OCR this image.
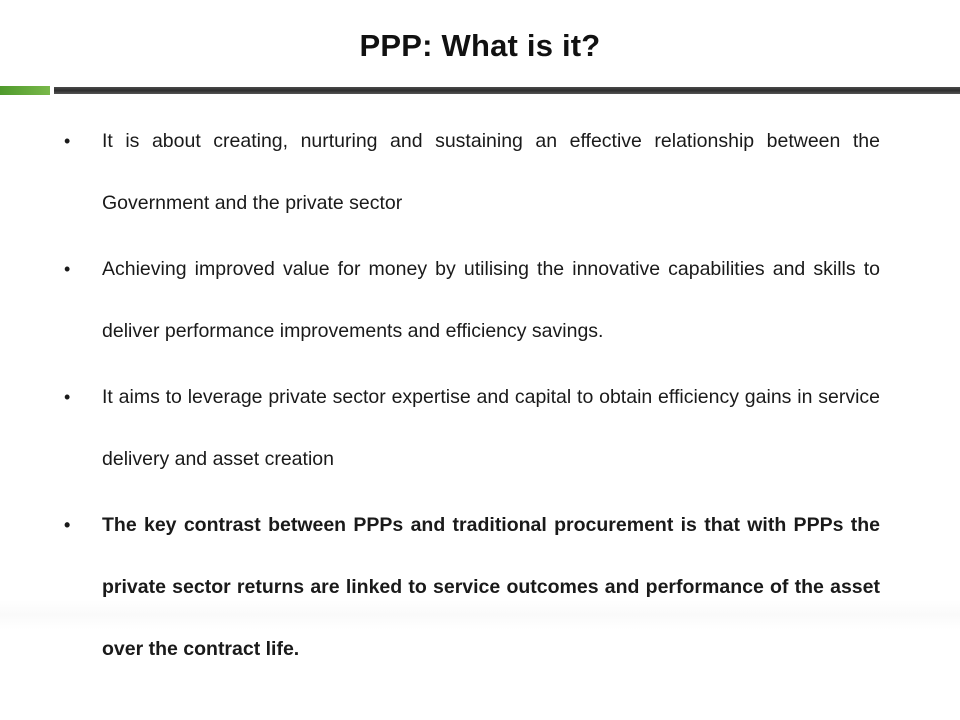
PPP: What is it?
• It is about creating, nurturing and sustaining an effective relationship between the Government and the private sector
• Achieving improved value for money by utilising the innovative capabilities and skills to deliver performance improvements and efficiency savings.
• It aims to leverage private sector expertise and capital to obtain efficiency gains in service delivery and asset creation
• The key contrast between PPPs and traditional procurement is that with PPPs the private sector returns are linked to service outcomes and performance of the asset over the contract life.
